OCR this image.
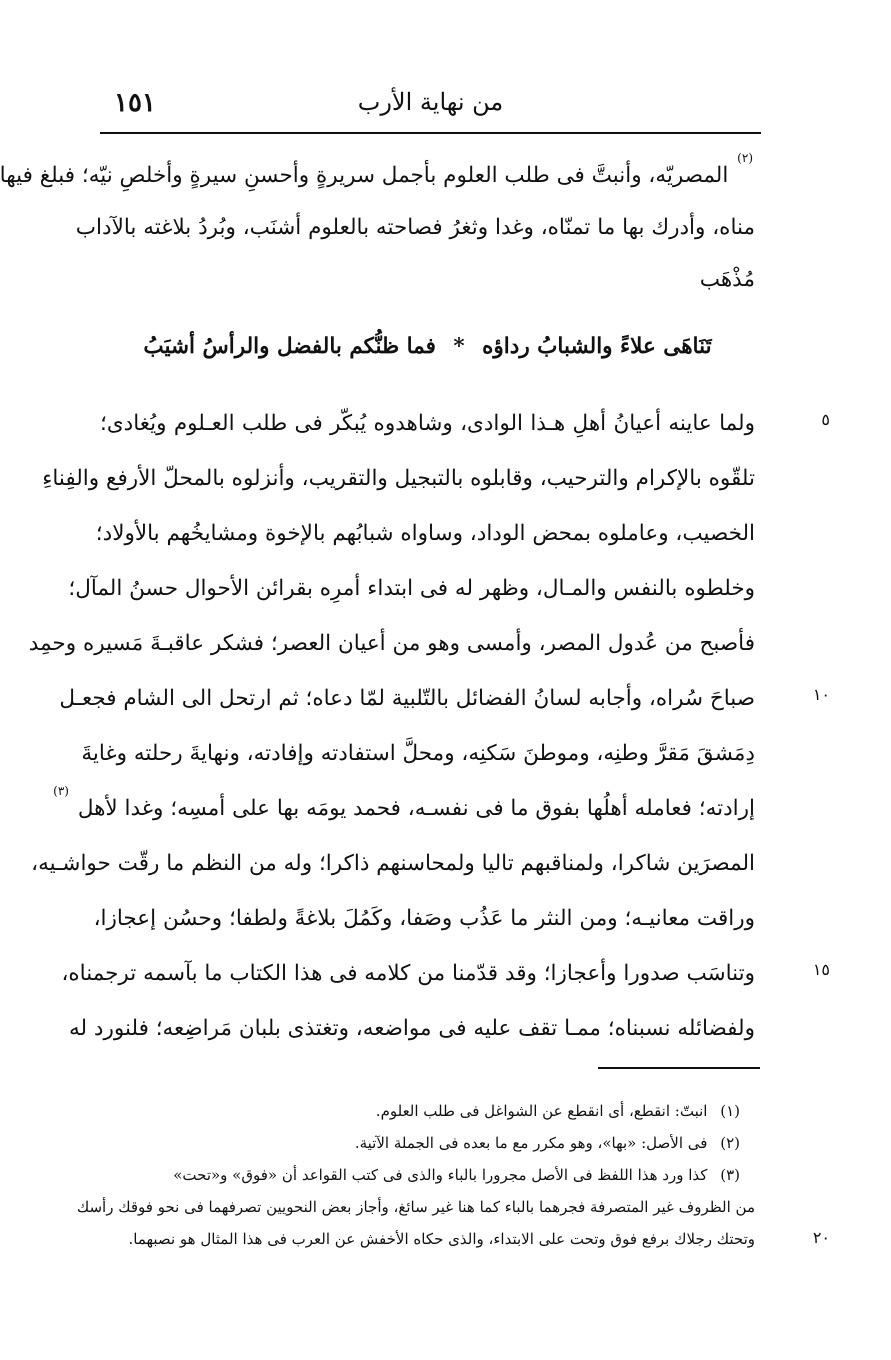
١٥١	من نهاية الأرب
$^{(٢)}$ المصريّه، وأنبتَّ فى طلب العلوم بأجمل سريرةٍ وأحسنِ سيرةٍ وأخلصِ نيّه؛ فبلغ فيها
مناه، وأدرك بها ما تمنّاه، وغدا وثغرُ فصاحته بالعلوم أشنَب، وبُردُ بلاغته بالآداب
مُذْهَب
تَنَاهَى علاءً والشبابُ رداؤه * فما ظنُّكم بالفضل والرأسُ أشيَبُ
ولما عاينه أعيانُ أهلِ هـذا الوادى، وشاهدوه يُبكّر فى طلب العـلوم ويُغادى؛
تلقّوه بالإكرام والترحيب، وقابلوه بالتبجيل والتقريب، وأنزلوه بالمحلّ الأرفع والفِناءِ
الخصيب، وعاملوه بمحض الوداد، وساواه شبابُهم بالإخوة ومشايخُهم بالأولاد؛
وخلطوه بالنفس والمـال، وظهر له فى ابتداء أمرِه بقرائن الأحوال حسنُ المآل؛
فأصبح من عُدول المصر، وأمسى وهو من أعيان العصر؛ فشكر عاقبـةَ مَسيره وحمِد
صباحَ سُراه، وأجابه لسانُ الفضائل بالتّلبية لمّا دعاه؛ ثم ارتحل الى الشام فجعـل
دِمَشقَ مَقرَّ وطنِه، وموطنَ سَكنِه، ومحلَّ استفادته وإفادته، ونهايةَ رحلته وغايةَ
إرادته؛ فعامله أهلُها بفوق ما فى نفسـه، فحمد يومَه بها على أمسِه؛ وغدا لأهل $^{(٣)}$
المصرَين شاكرا، ولمناقبهم تاليا ولمحاسنهم ذاكرا؛ وله من النظم ما رقّت حواشـيه،
وراقت معانيـه؛ ومن النثر ما عَذُب وصَفا، وكَمُلَ بلاغةً ولطفا؛ وحسُن إعجازا،
وتناسَب صدورا وأعجازا؛ وقد قدّمنا من كلامه فى هذا الكتاب ما بآسمه ترجمناه،
ولفضائله نسبناه؛ ممـا تقف عليه فى مواضعه، وتغتذى بلبان مَراضِعه؛ فلنورد له
٥
١٠
١٥
٢٠
(١) انبتّ: انقطع، أى انقطع عن الشواغل فى طلب العلوم.
(٢) فى الأصل: «بها»، وهو مكرر مع ما بعده فى الجملة الآتية.
(٣) كذا ورد هذا اللفظ فى الأصل مجرورا بالباء والذى فى كتب القواعد أن «فوق» و«تحت»
من الظروف غير المتصرفة فجرهما بالباء كما هنا غير سائغ، وأجاز بعض النحويين تصرفهما فى نحو فوقك رأسك
وتحتك رجلاك برفع فوق وتحت على الابتداء، والذى حكاه الأخفش عن العرب فى هذا المثال هو نصبهما.
